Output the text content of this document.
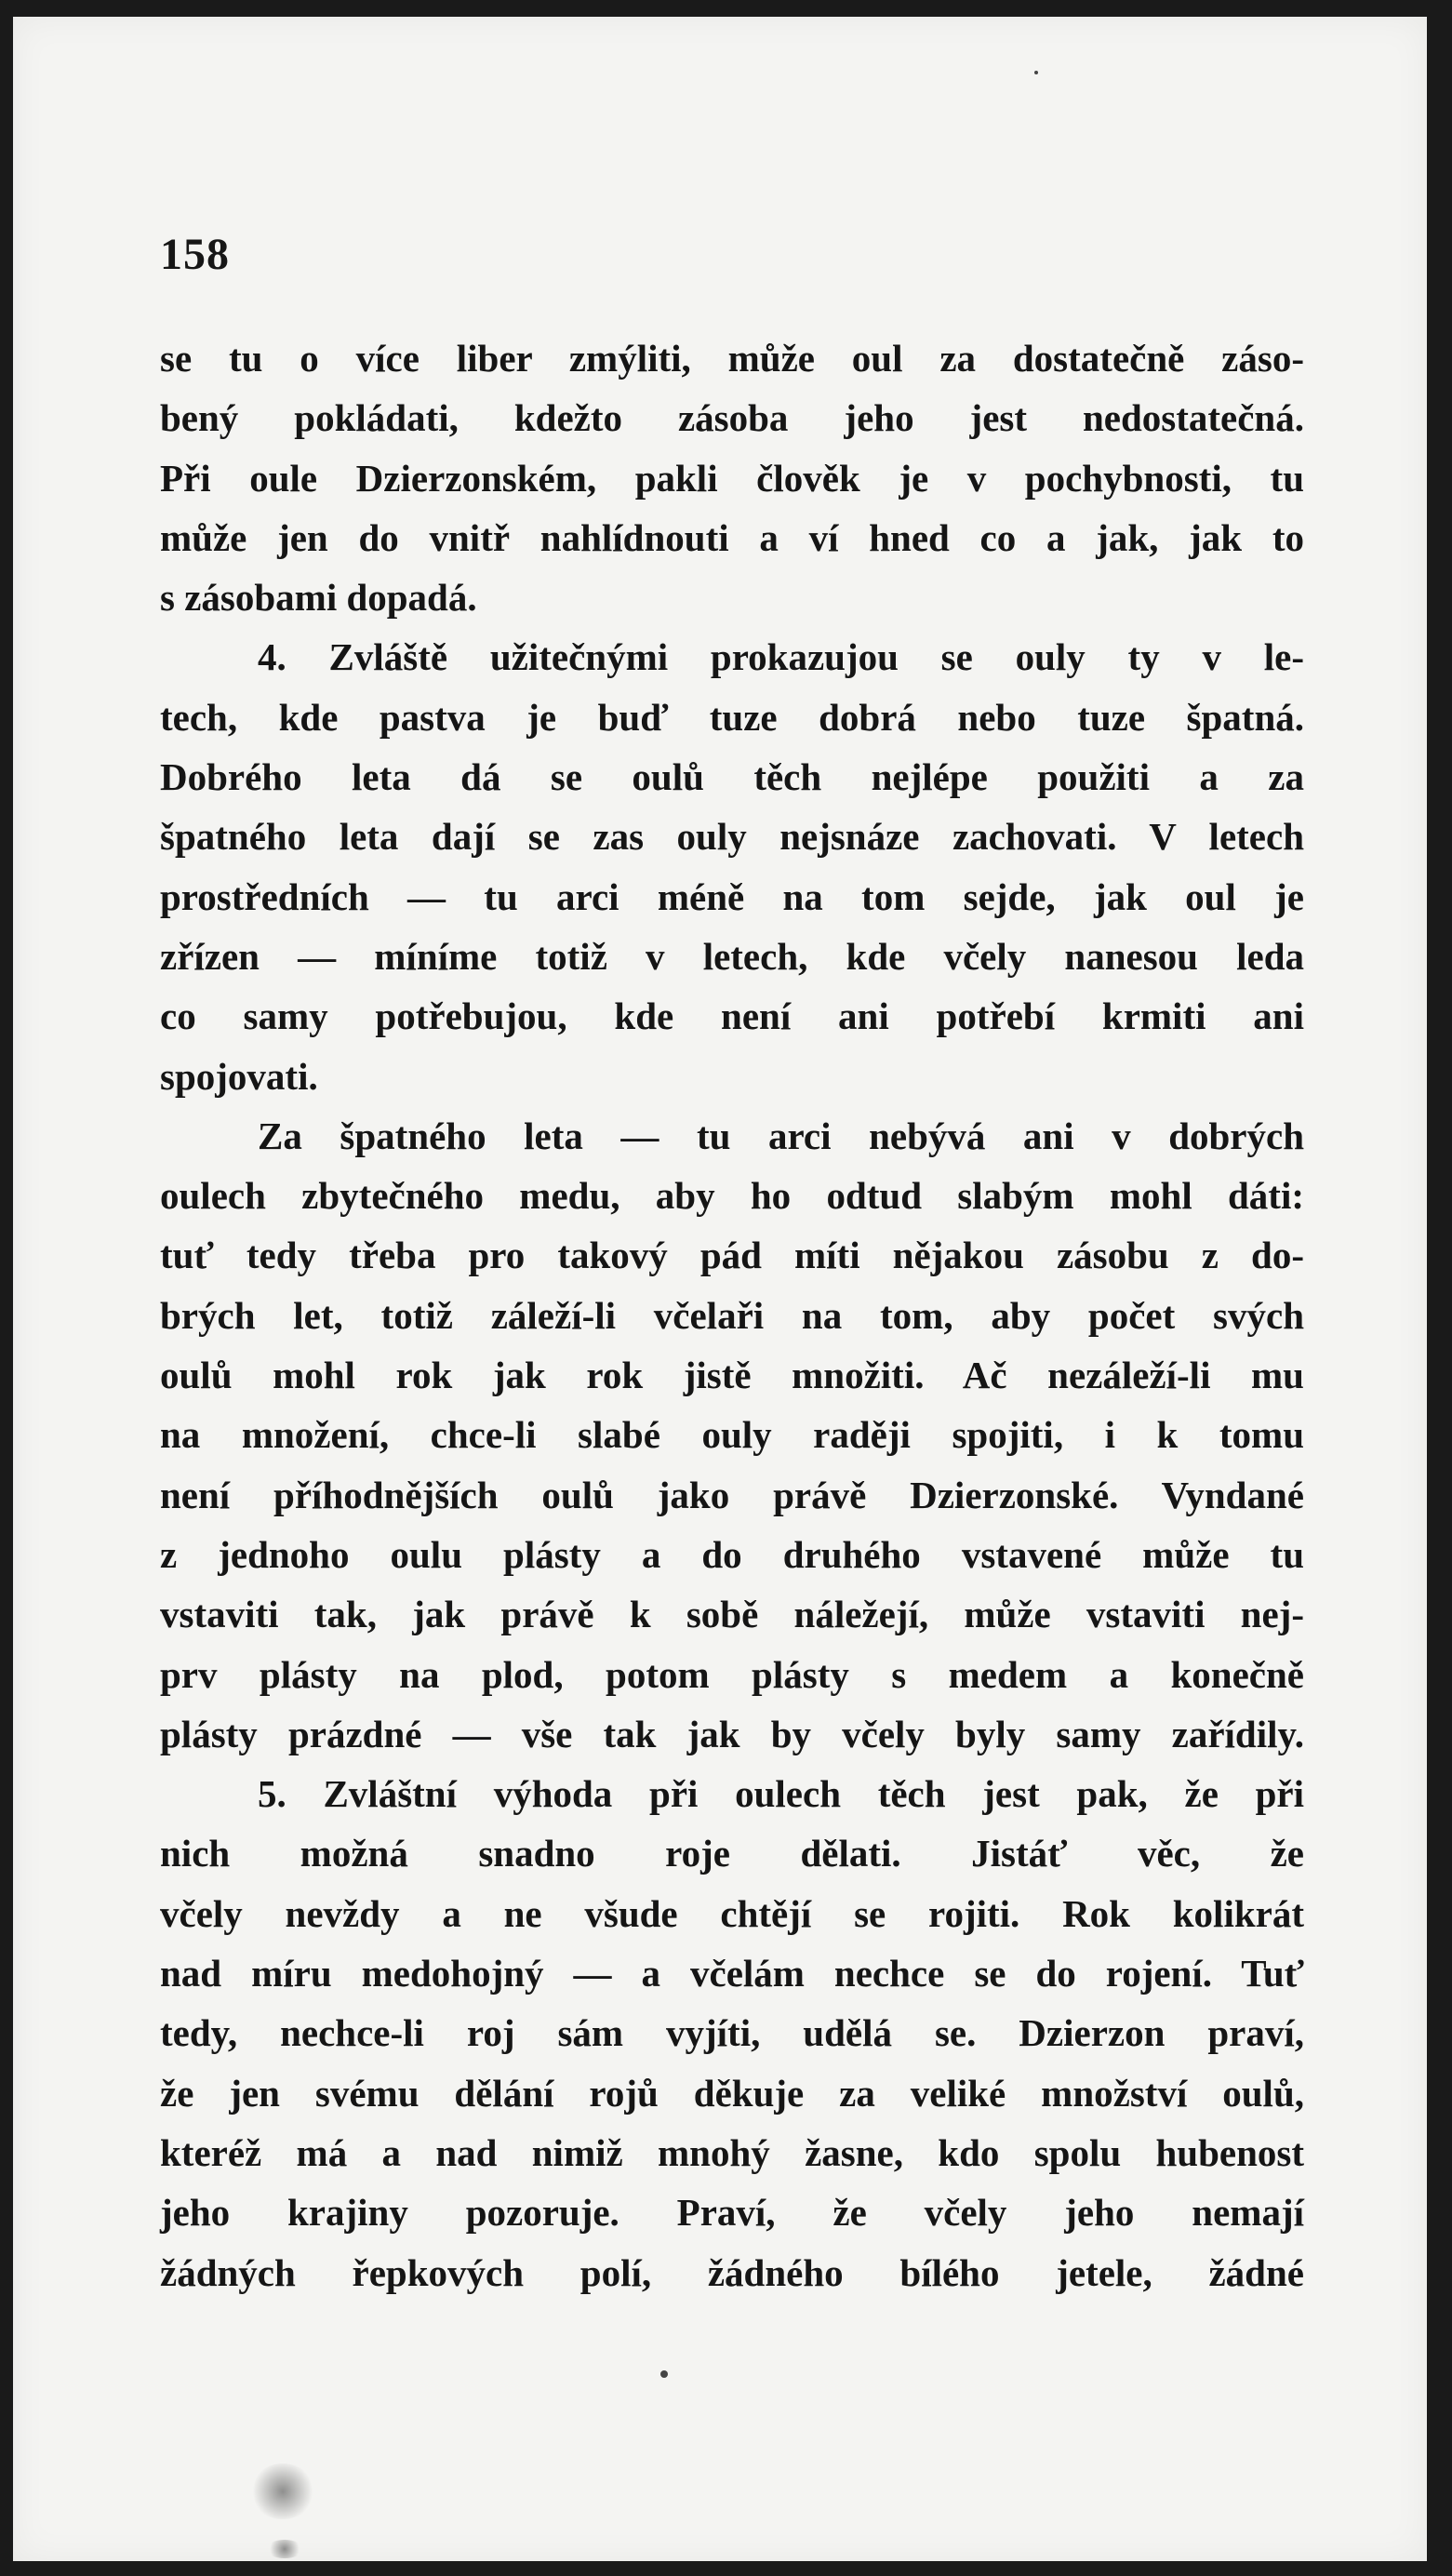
158
se tu o více liber zmýliti, může oul za dostatečně záso-
bený pokládati, kdežto zásoba jeho jest nedostatečná.
Při oule Dzierzonském, pakli člověk je v pochybnosti, tu
může jen do vnitř nahlídnouti a ví hned co a jak, jak to
s zásobami dopadá.
4. Zvláště užitečnými prokazujou se ouly ty v le-
tech, kde pastva je buď tuze dobrá nebo tuze špatná.
Dobrého leta dá se oulů těch nejlépe použiti a za
špatného leta dají se zas ouly nejsnáze zachovati. V letech
prostředních — tu arci méně na tom sejde, jak oul je
zřízen — míníme totiž v letech, kde včely nanesou leda
co samy potřebujou, kde není ani potřebí krmiti ani
spojovati.
Za špatného leta — tu arci nebývá ani v dobrých
oulech zbytečného medu, aby ho odtud slabým mohl dáti:
tuť tedy třeba pro takový pád míti nějakou zásobu z do-
brých let, totiž záleží-li včelaři na tom, aby počet svých
oulů mohl rok jak rok jistě množiti. Ač nezáleží-li mu
na množení, chce-li slabé ouly raději spojiti, i k tomu
není příhodnějších oulů jako právě Dzierzonské. Vyndané
z jednoho oulu plásty a do druhého vstavené může tu
vstaviti tak, jak právě k sobě náležejí, může vstaviti nej-
prv plásty na plod, potom plásty s medem a konečně
plásty prázdné — vše tak jak by včely byly samy zařídily.
5. Zvláštní výhoda při oulech těch jest pak, že při
nich možná snadno roje dělati. Jistáť věc, že
včely nevždy a ne všude chtějí se rojiti. Rok kolikrát
nad míru medohojný — a včelám nechce se do rojení. Tuť
tedy, nechce-li roj sám vyjíti, udělá se. Dzierzon praví,
že jen svému dělání rojů děkuje za veliké množství oulů,
kteréž má a nad nimiž mnohý žasne, kdo spolu hubenost
jeho krajiny pozoruje. Praví, že včely jeho nemají
žádných řepkových polí, žádného bílého jetele, žádné
